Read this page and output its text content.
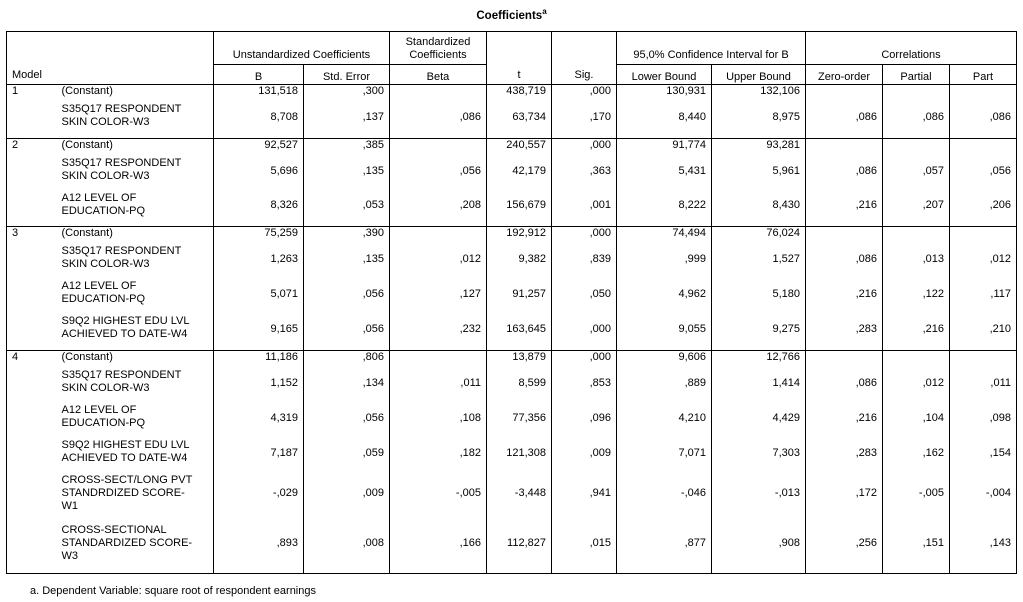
Coefficients$^a$
Model		Unstandardized Coefficients		Standardized Coefficients	t	Sig.	95,0% Confidence Interval for B		Correlations		
		B	Std. Error	Beta			Lower Bound	Upper Bound	Zero-order	Partial	Part
1	(Constant)	131,518	,300		438,719	,000	130,931	132,106			
	S35Q17 RESPONDENT
SKIN COLOR-W3	8,708	,137	,086	63,734	,170	8,440	8,975	,086	,086	,086
2	(Constant)	92,527	,385		240,557	,000	91,774	93,281			
	S35Q17 RESPONDENT
SKIN COLOR-W3	5,696	,135	,056	42,179	,363	5,431	5,961	,086	,057	,056
	A12 LEVEL OF
EDUCATION-PQ	8,326	,053	,208	156,679	,001	8,222	8,430	,216	,207	,206
3	(Constant)	75,259	,390		192,912	,000	74,494	76,024			
	S35Q17 RESPONDENT
SKIN COLOR-W3	1,263	,135	,012	9,382	,839	,999	1,527	,086	,013	,012
	A12 LEVEL OF
EDUCATION-PQ	5,071	,056	,127	91,257	,050	4,962	5,180	,216	,122	,117
	S9Q2 HIGHEST EDU LVL
ACHIEVED TO DATE-W4	9,165	,056	,232	163,645	,000	9,055	9,275	,283	,216	,210
4	(Constant)	11,186	,806		13,879	,000	9,606	12,766			
	S35Q17 RESPONDENT
SKIN COLOR-W3	1,152	,134	,011	8,599	,853	,889	1,414	,086	,012	,011
	A12 LEVEL OF
EDUCATION-PQ	4,319	,056	,108	77,356	,096	4,210	4,429	,216	,104	,098
	S9Q2 HIGHEST EDU LVL
ACHIEVED TO DATE-W4	7,187	,059	,182	121,308	,009	7,071	7,303	,283	,162	,154
	CROSS-SECT/LONG PVT
STANDRDIZED SCORE-
W1	-,029	,009	-,005	-3,448	,941	-,046	-,013	,172	-,005	-,004
	CROSS-SECTIONAL
STANDARDIZED SCORE-
W3	,893	,008	,166	112,827	,015	,877	,908	,256	,151	,143
a. Dependent Variable: square root of respondent earnings
